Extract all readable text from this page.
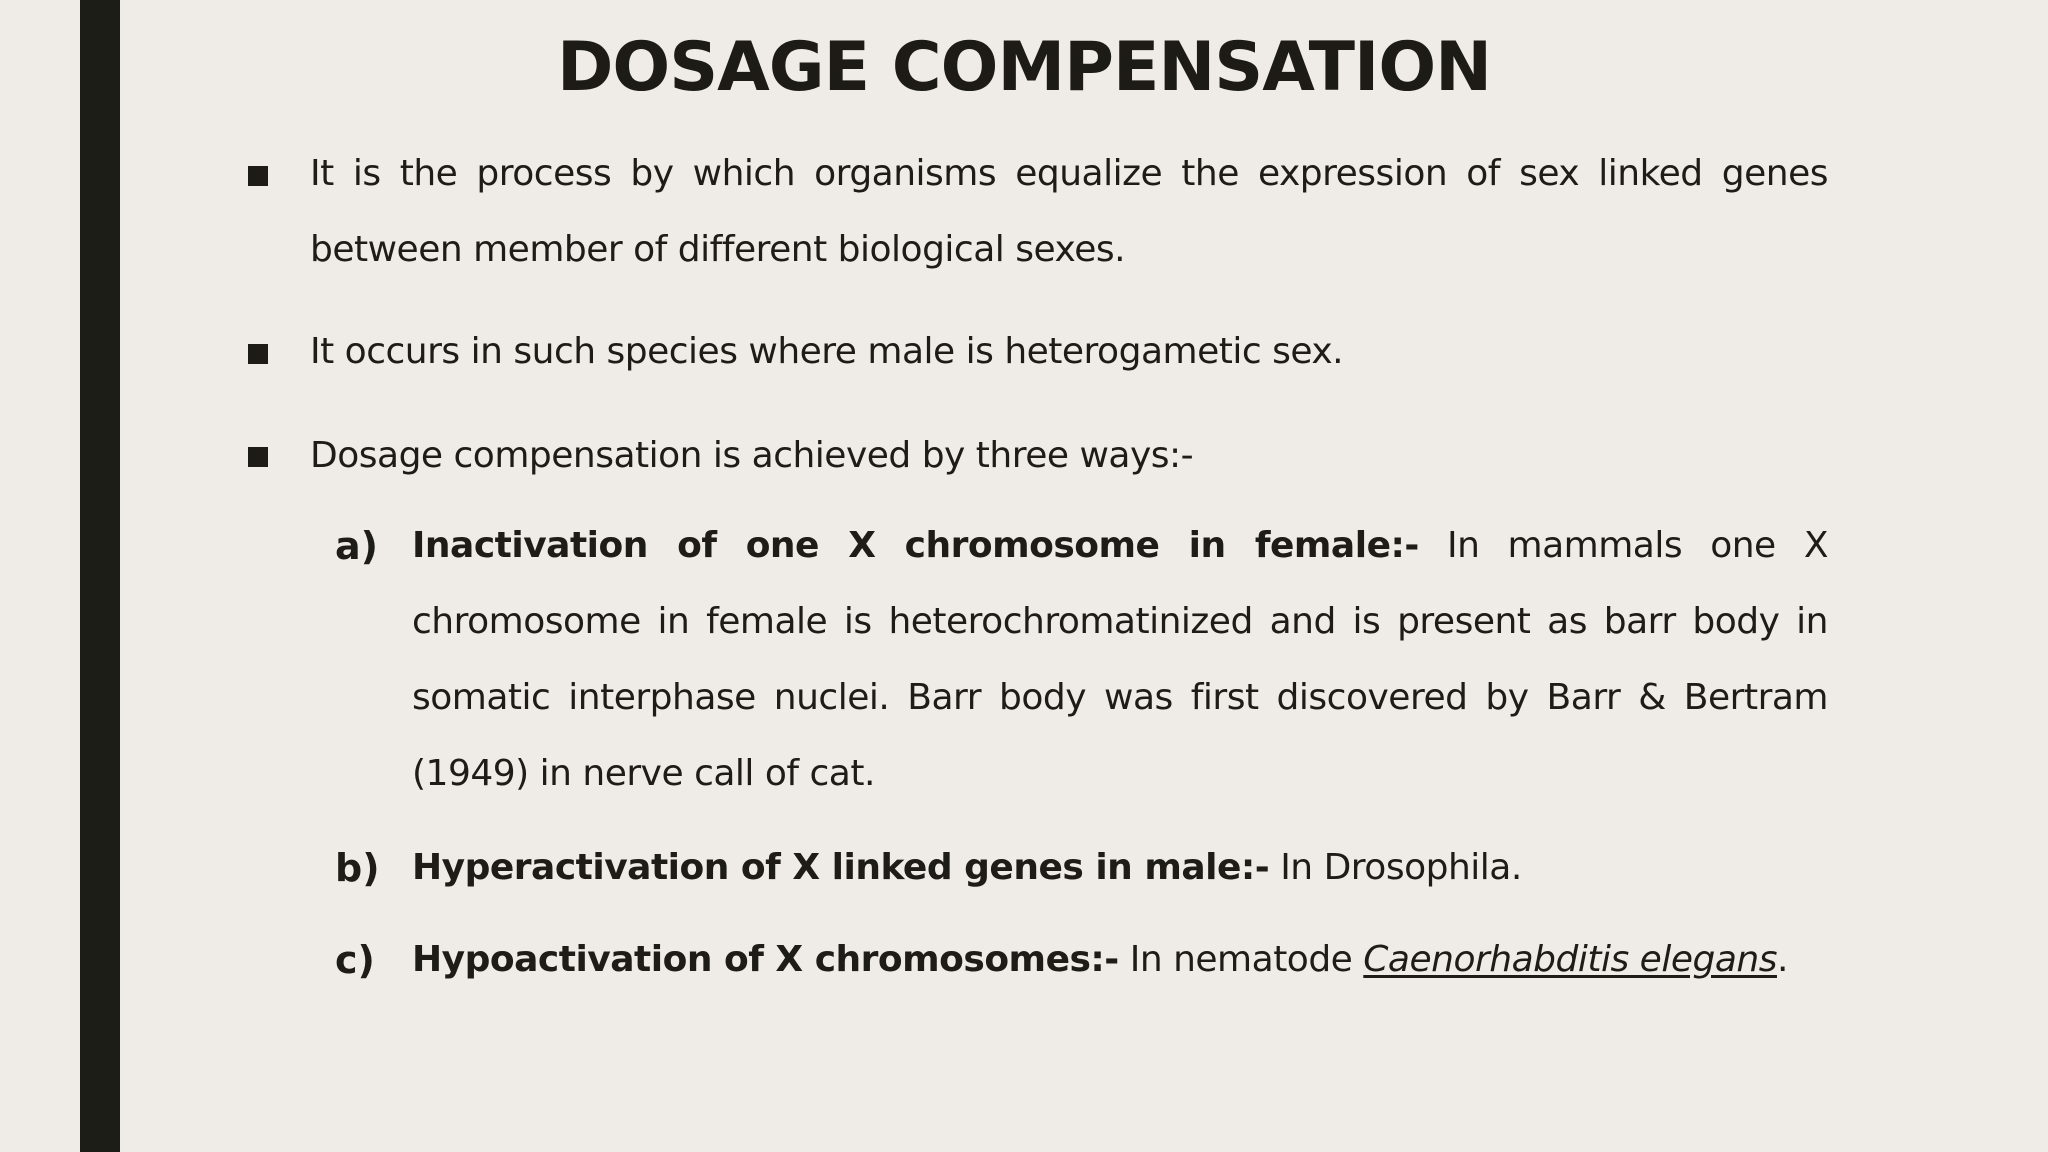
DOSAGE COMPENSATION
It is the process by which organisms equalize the expression of sex linked genes between member of different biological sexes.
It occurs in such species where male is heterogametic sex.
Dosage compensation is achieved by three ways:-
a) Inactivation of one X chromosome in female:- In mammals one X chromosome in female is heterochromatinized and is present as barr body in somatic interphase nuclei. Barr body was first discovered by Barr & Bertram (1949) in nerve call of cat.
b) Hyperactivation of X linked genes in male:- In Drosophila.
c) Hypoactivation of X chromosomes:- In nematode Caenorhabditis elegans.
